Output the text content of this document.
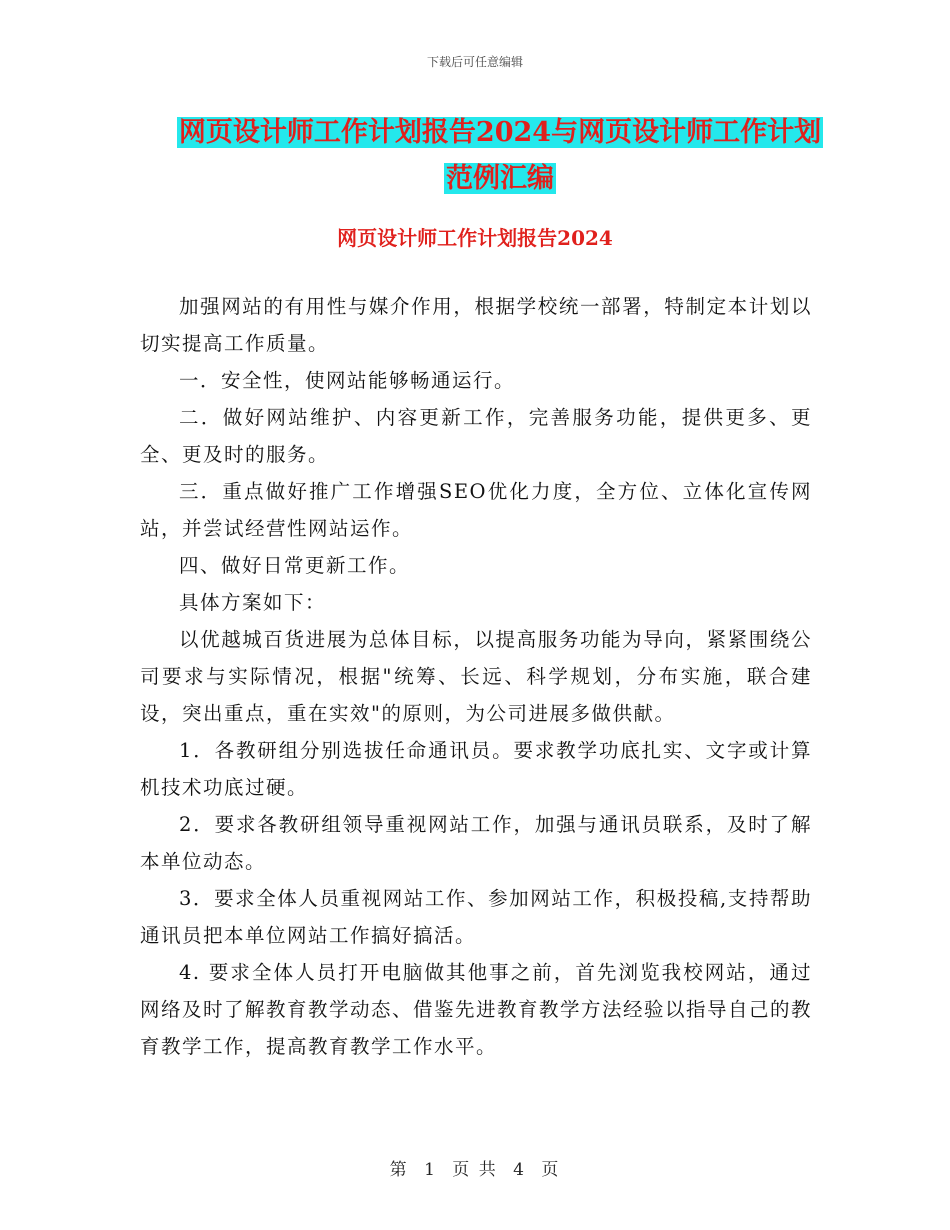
下载后可任意编辑
网页设计师工作计划报告2024与网页设计师工作计划
范例汇编
网页设计师工作计划报告2024

加强网站的有用性与媒介作用，根据学校统一部署，特制定本计划以切实提高工作质量。

一．安全性，使网站能够畅通运行。

二．做好网站维护、内容更新工作，完善服务功能，提供更多、更全、更及时的服务。

三．重点做好推广工作增强SEO优化力度，全方位、立体化宣传网站，并尝试经营性网站运作。

四、做好日常更新工作。

具体方案如下：

以优越城百货进展为总体目标，以提高服务功能为导向，紧紧围绕公司要求与实际情况，根据"统筹、长远、科学规划，分布实施，联合建设，突出重点，重在实效"的原则，为公司进展多做供献。

1．各教研组分别选拔任命通讯员。要求教学功底扎实、文字或计算机技术功底过硬。

2．要求各教研组领导重视网站工作，加强与通讯员联系，及时了解本单位动态。

3．要求全体人员重视网站工作、参加网站工作，积极投稿,支持帮助通讯员把本单位网站工作搞好搞活。

4. 要求全体人员打开电脑做其他事之前，首先浏览我校网站，通过网络及时了解教育教学动态、借鉴先进教育教学方法经验以指导自己的教育教学工作，提高教育教学工作水平。

第 1 页 共 4 页
